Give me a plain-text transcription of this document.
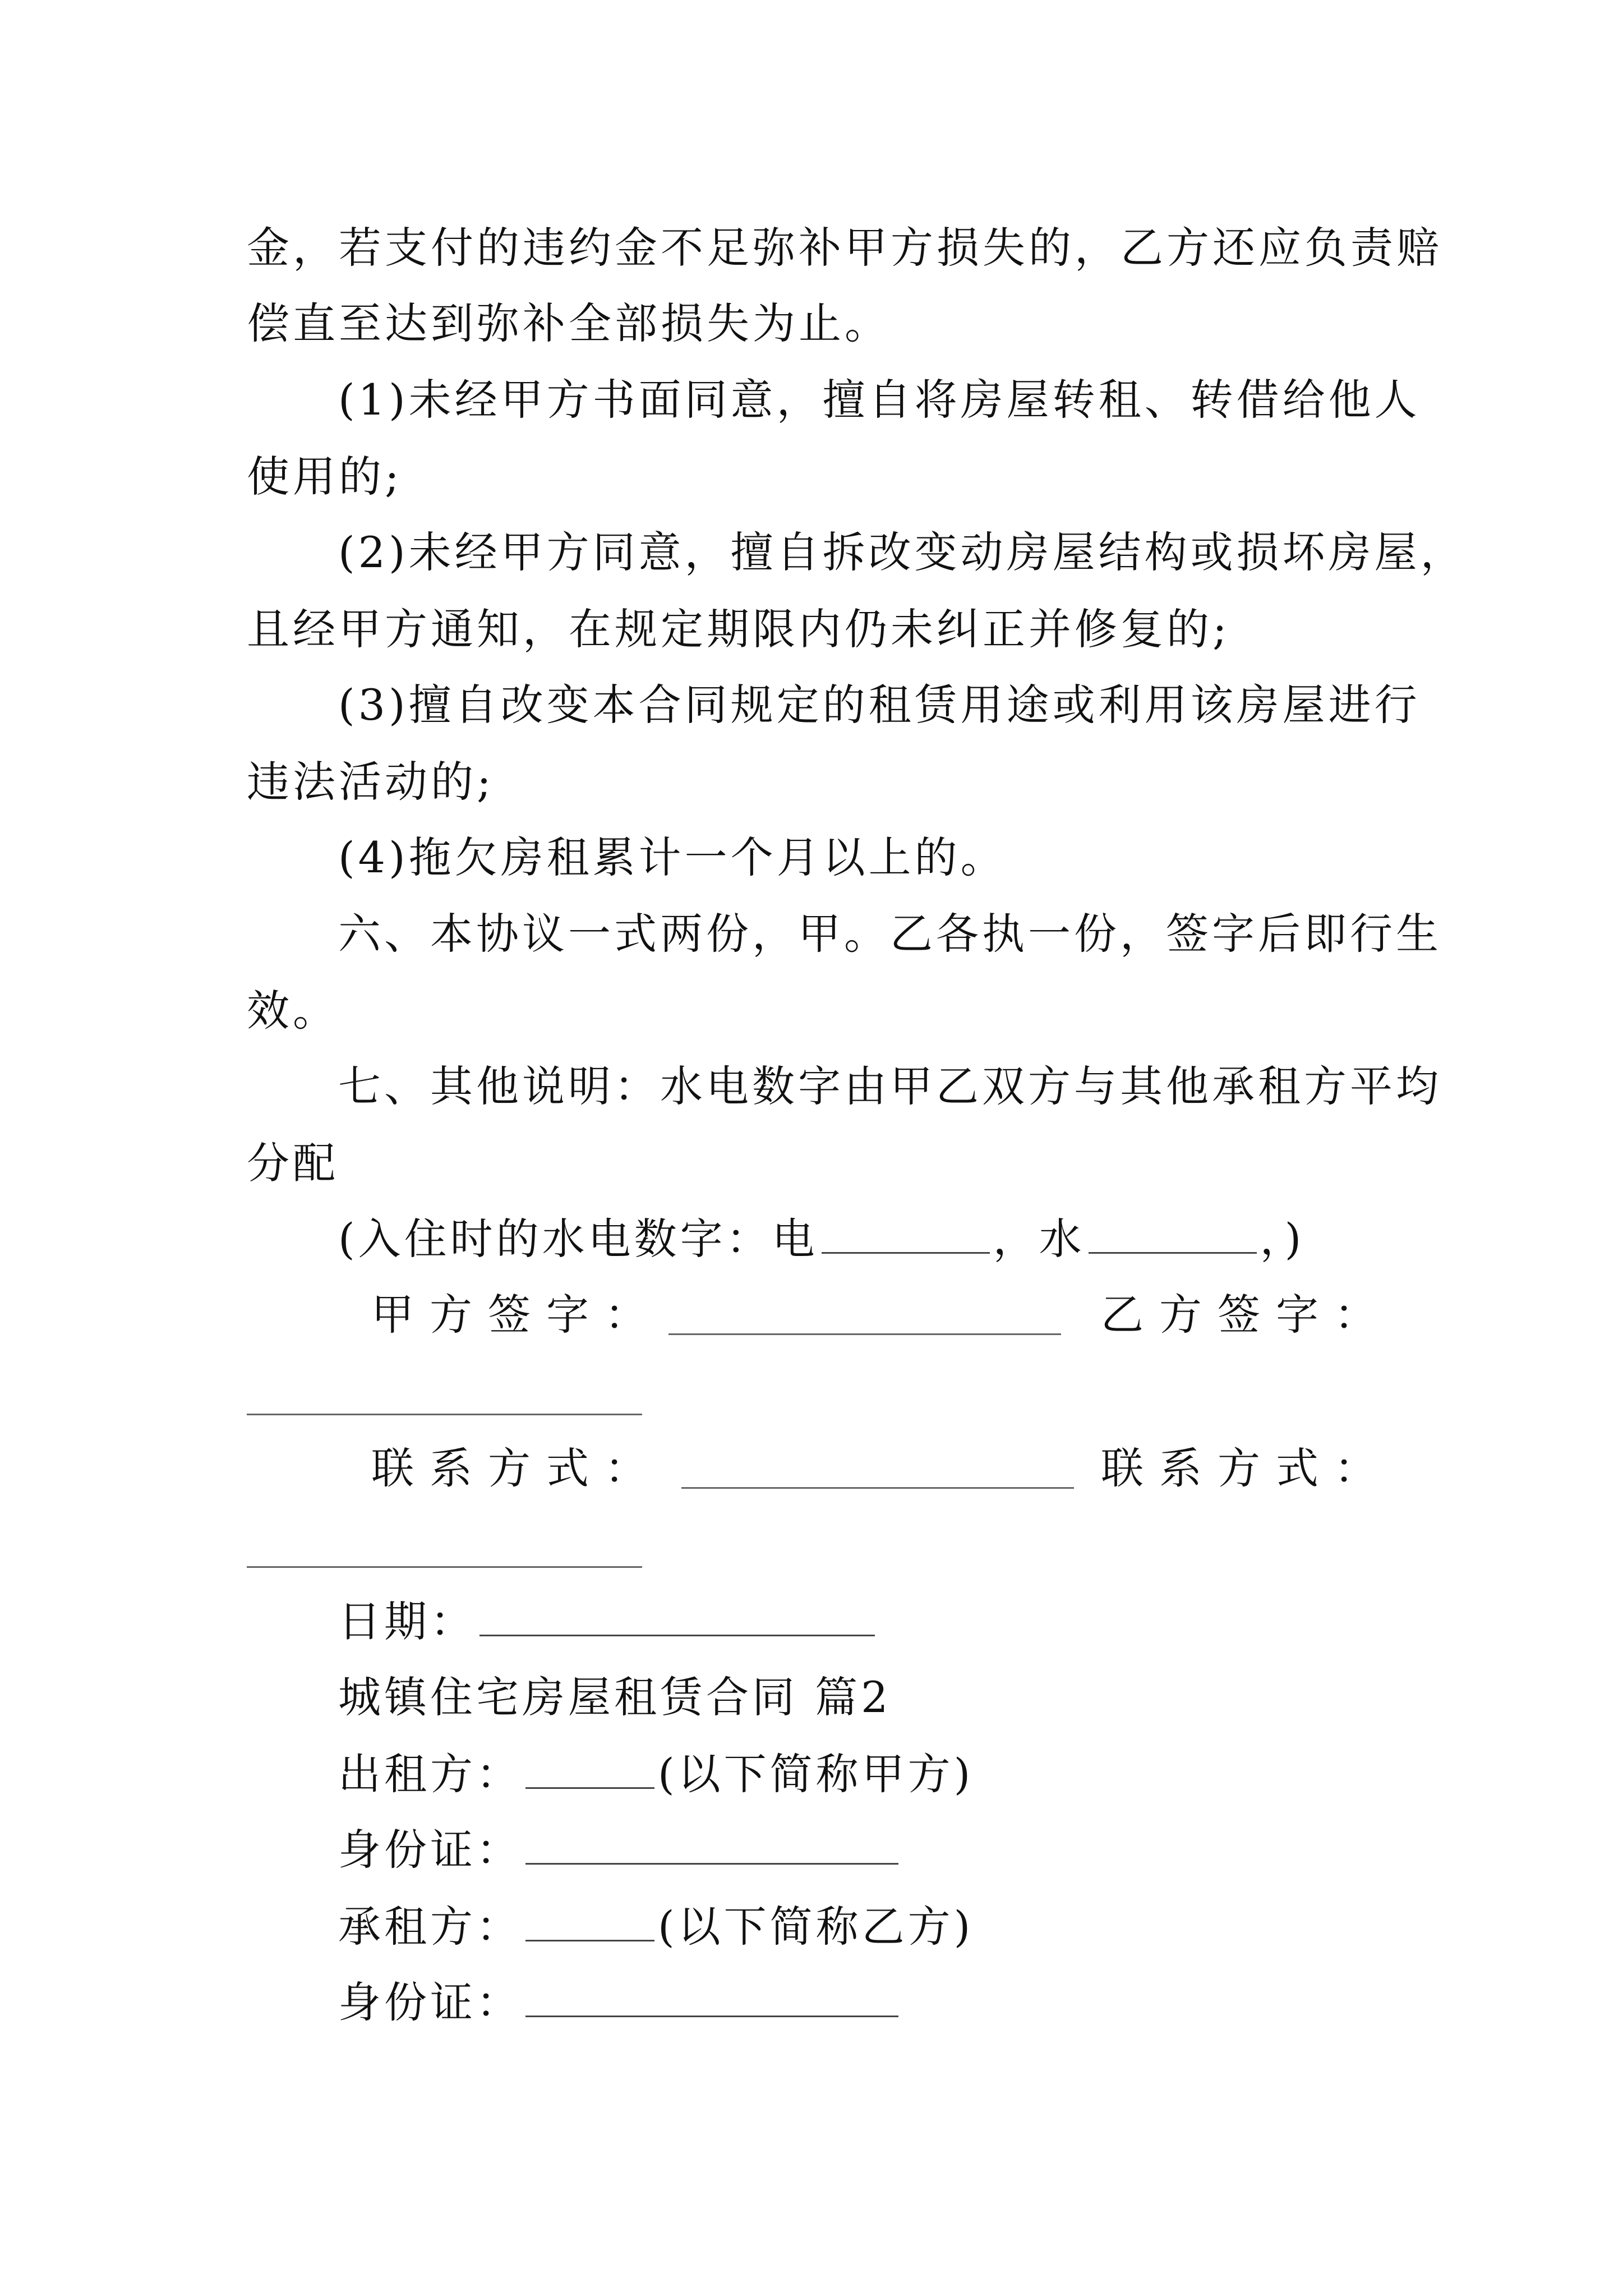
金，若支付的违约金不足弥补甲方损失的，乙方还应负责赔
偿直至达到弥补全部损失为止。
(1)未经甲方书面同意，擅自将房屋转租、转借给他人
使用的;
(2)未经甲方同意，擅自拆改变动房屋结构或损坏房屋，
且经甲方通知，在规定期限内仍未纠正并修复的;
(3)擅自改变本合同规定的租赁用途或利用该房屋进行
违法活动的;
(4)拖欠房租累计一个月以上的。
六、本协议一式两份，甲。乙各执一份，签字后即行生
效。
七、其他说明：水电数字由甲乙双方与其他承租方平均
分配
(入住时的水电数字：电	，水	，)
甲方签字：	乙方签字：
联系方式：	联系方式：
日期：
城镇住宅房屋租赁合同 篇2
出租方：	(以下简称甲方)
身份证：
承租方：	(以下简称乙方)
身份证：
